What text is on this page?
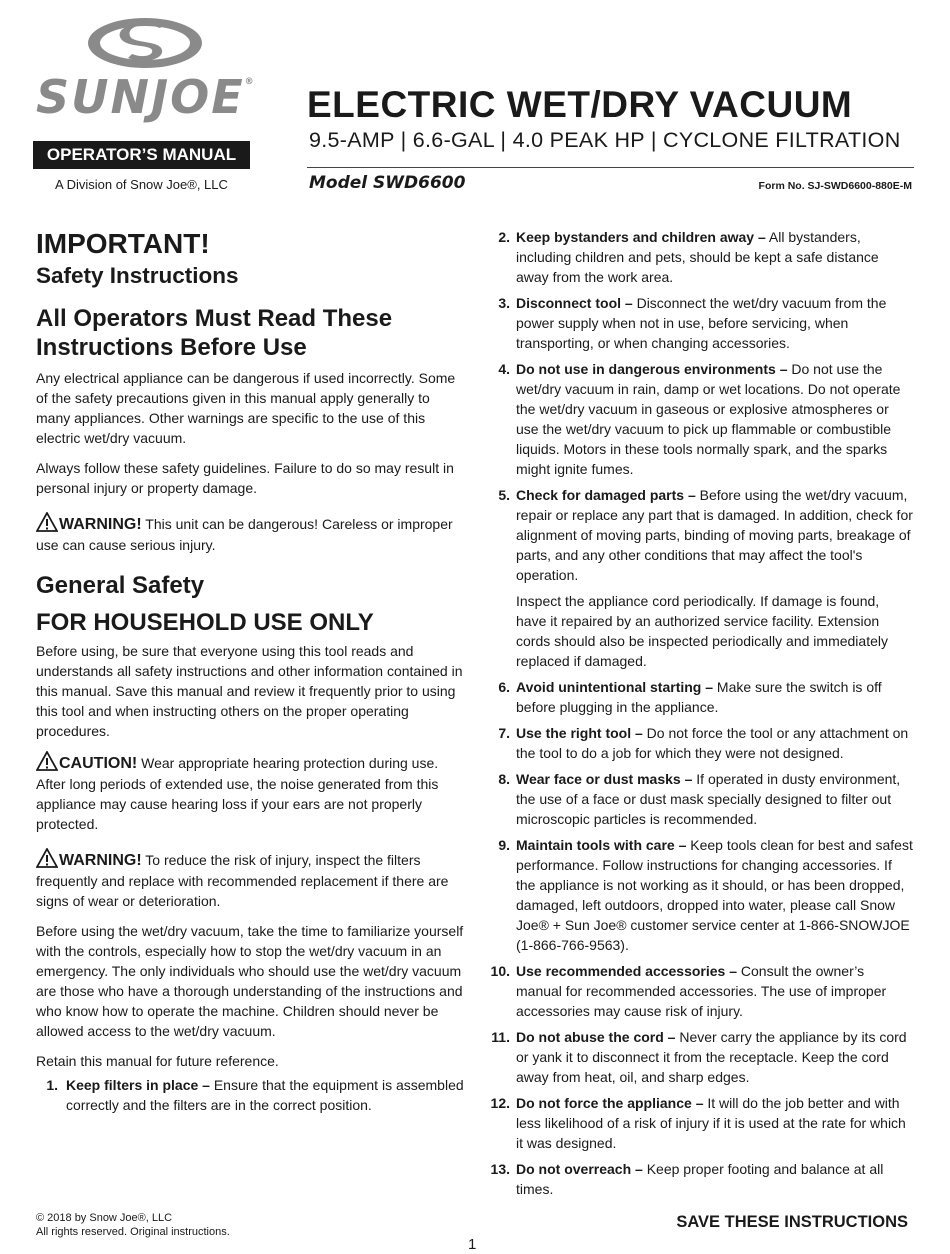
SUNJOE®
OPERATOR’S MANUAL
A Division of Snow Joe®, LLC
ELECTRIC WET/DRY VACUUM
9.5-AMP | 6.6-GAL | 4.0 PEAK HP | CYCLONE FILTRATION
Model SWD6600	Form No. SJ-SWD6600-880E-M
IMPORTANT!
Safety Instructions
All Operators Must Read These
Instructions Before Use

Any electrical appliance can be dangerous if used incorrectly. Some of the safety precautions given in this manual apply generally to many appliances. Other warnings are specific to the use of this electric wet/dry vacuum.

Always follow these safety guidelines. Failure to do so may result in personal injury or property damage.

WARNING! This unit can be dangerous! Careless or improper use can cause serious injury.

General Safety
FOR HOUSEHOLD USE ONLY

Before using, be sure that everyone using this tool reads and understands all safety instructions and other information contained in this manual. Save this manual and review it frequently prior to using this tool and when instructing others on the proper operating procedures.

CAUTION! Wear appropriate hearing protection during use. After long periods of extended use, the noise generated from this appliance may cause hearing loss if your ears are not properly protected.

WARNING! To reduce the risk of injury, inspect the filters frequently and replace with recommended replacement if there are signs of wear or deterioration.

Before using the wet/dry vacuum, take the time to familiarize yourself with the controls, especially how to stop the wet/dry vacuum in an emergency. The only individuals who should use the wet/dry vacuum are those who have a thorough understanding of the instructions and who know how to operate the machine. Children should never be allowed access to the wet/dry vacuum.

Retain this manual for future reference.

1. Keep filters in place – Ensure that the equipment is assembled correctly and the filters are in the correct position.
2. Keep bystanders and children away – All bystanders, including children and pets, should be kept a safe distance away from the work area.
3. Disconnect tool – Disconnect the wet/dry vacuum from the power supply when not in use, before servicing, when transporting, or when changing accessories.
4. Do not use in dangerous environments – Do not use the wet/dry vacuum in rain, damp or wet locations. Do not operate the wet/dry vacuum in gaseous or explosive atmospheres or use the wet/dry vacuum to pick up flammable or combustible liquids. Motors in these tools normally spark, and the sparks might ignite fumes.
5. Check for damaged parts – Before using the wet/dry vacuum, repair or replace any part that is damaged. In addition, check for alignment of moving parts, binding of moving parts, breakage of parts, and any other conditions that may affect the tool's operation.
Inspect the appliance cord periodically. If damage is found, have it repaired by an authorized service facility. Extension cords should also be inspected periodically and immediately replaced if damaged.
6. Avoid unintentional starting – Make sure the switch is off before plugging in the appliance.
7. Use the right tool – Do not force the tool or any attachment on the tool to do a job for which they were not designed.
8. Wear face or dust masks – If operated in dusty environment, the use of a face or dust mask specially designed to filter out microscopic particles is recommended.
9. Maintain tools with care – Keep tools clean for best and safest performance. Follow instructions for changing accessories. If the appliance is not working as it should, or has been dropped, damaged, left outdoors, dropped into water, please call Snow Joe® + Sun Joe® customer service center at 1-866-SNOWJOE (1-866-766-9563).
10. Use recommended accessories – Consult the owner’s manual for recommended accessories. The use of improper accessories may cause risk of injury.
11. Do not abuse the cord – Never carry the appliance by its cord or yank it to disconnect it from the receptacle. Keep the cord away from heat, oil, and sharp edges.
12. Do not force the appliance – It will do the job better and with less likelihood of a risk of injury if it is used at the rate for which it was designed.
13. Do not overreach – Keep proper footing and balance at all times.
© 2018 by Snow Joe®, LLC
All rights reserved. Original instructions.
SAVE THESE INSTRUCTIONS
1
